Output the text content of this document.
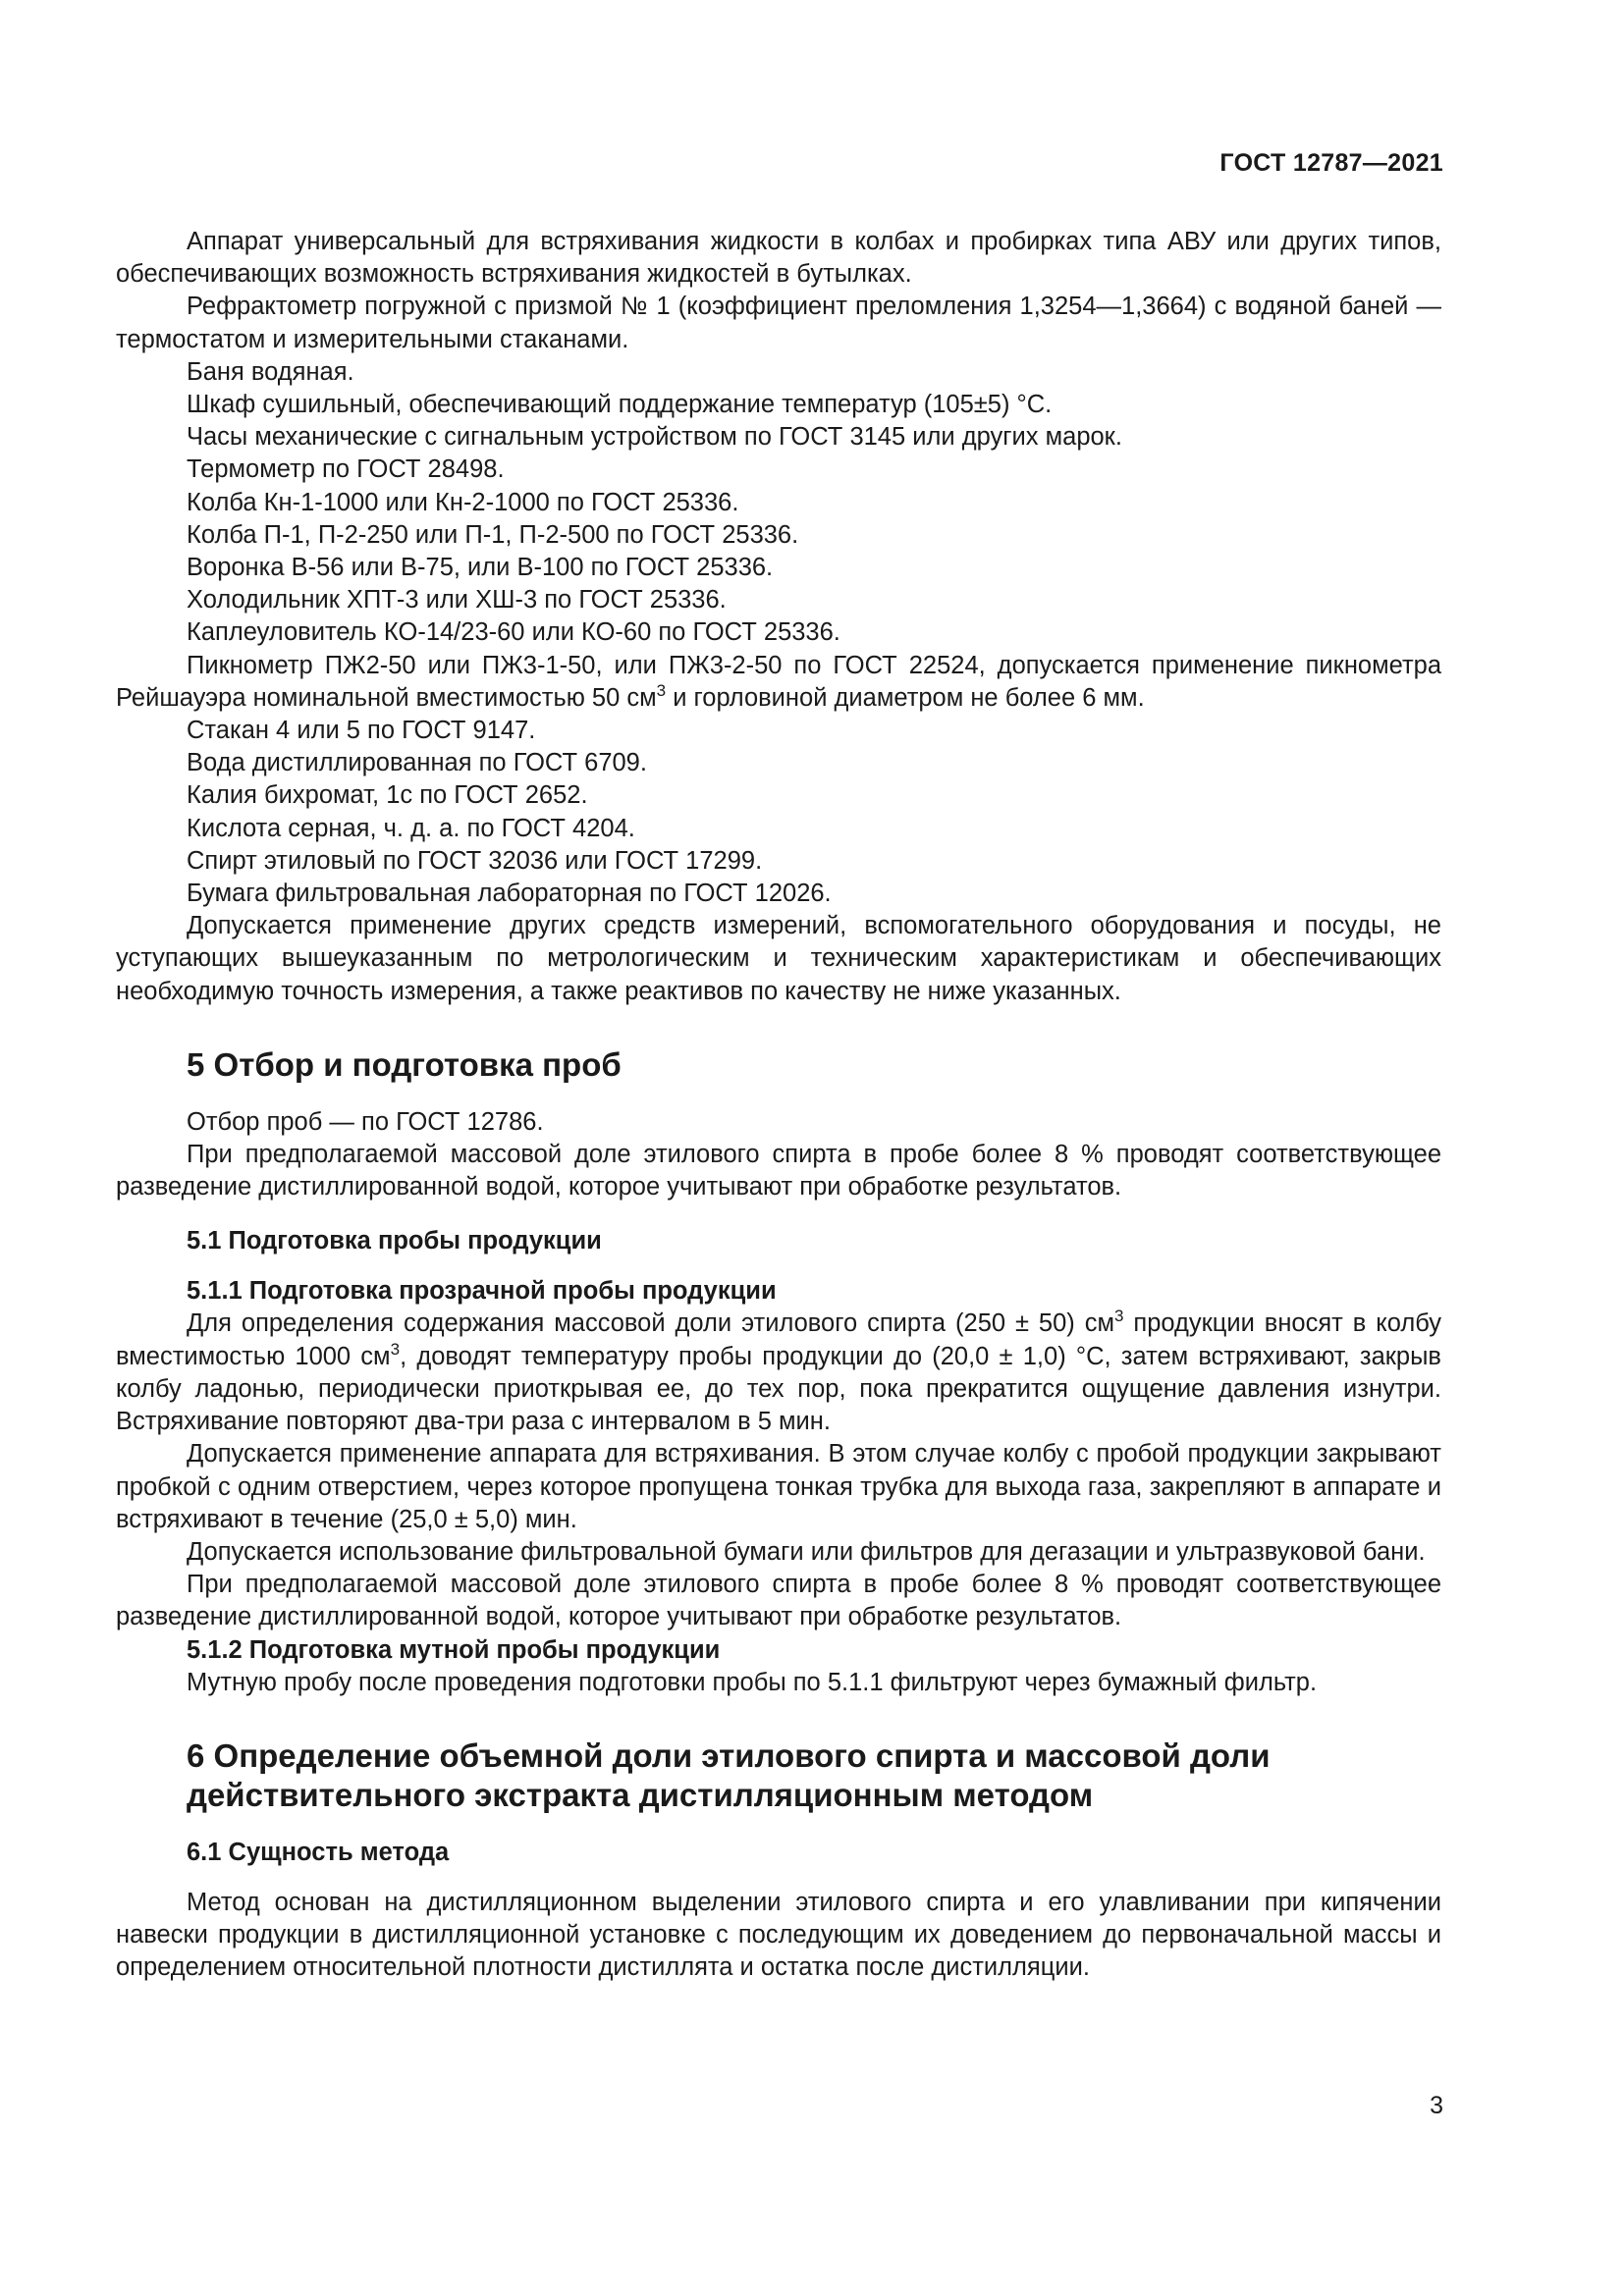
ГОСТ 12787—2021

Аппарат универсальный для встряхивания жидкости в колбах и пробирках типа АВУ или других типов, обеспечивающих возможность встряхивания жидкостей в бутылках.

Рефрактометр погружной с призмой № 1 (коэффициент преломления 1,3254—1,3664) с водяной баней — термостатом и измерительными стаканами.

Баня водяная.

Шкаф сушильный, обеспечивающий поддержание температур (105±5) °С.

Часы механические с сигнальным устройством по ГОСТ 3145 или других марок.

Термометр по ГОСТ 28498.

Колба Кн-1-1000 или Кн-2-1000 по ГОСТ 25336.

Колба П-1, П-2-250 или П-1, П-2-500 по ГОСТ 25336.

Воронка В-56 или В-75, или В-100 по ГОСТ 25336.

Холодильник ХПТ-3 или ХШ-3 по ГОСТ 25336.

Каплеуловитель КО-14/23-60 или КО-60 по ГОСТ 25336.

Пикнометр ПЖ2-50 или ПЖ3-1-50, или ПЖ3-2-50 по ГОСТ 22524, допускается применение пикнометра Рейшауэра номинальной вместимостью 50 $см^3$ и горловиной диаметром не более 6 мм.

Стакан 4 или 5 по ГОСТ 9147.

Вода дистиллированная по ГОСТ 6709.

Калия бихромат, 1с по ГОСТ 2652.

Кислота серная, ч. д. а. по ГОСТ 4204.

Спирт этиловый по ГОСТ 32036 или ГОСТ 17299.

Бумага фильтровальная лабораторная по ГОСТ 12026.

Допускается применение других средств измерений, вспомогательного оборудования и посуды, не уступающих вышеуказанным по метрологическим и техническим характеристикам и обеспечивающих необходимую точность измерения, а также реактивов по качеству не ниже указанных.

5 Отбор и подготовка проб

Отбор проб — по ГОСТ 12786.

При предполагаемой массовой доле этилового спирта в пробе более 8 % проводят соответствующее разведение дистиллированной водой, которое учитывают при обработке результатов.

5.1 Подготовка пробы продукции
5.1.1 Подготовка прозрачной пробы продукции

Для определения содержания массовой доли этилового спирта (250 ± 50) $см^3$ продукции вносят в колбу вместимостью 1000 $см^3$, доводят температуру пробы продукции до (20,0 ± 1,0) °С, затем встряхивают, закрыв колбу ладонью, периодически приоткрывая ее, до тех пор, пока прекратится ощущение давления изнутри. Встряхивание повторяют два-три раза с интервалом в 5 мин.

Допускается применение аппарата для встряхивания. В этом случае колбу с пробой продукции закрывают пробкой с одним отверстием, через которое пропущена тонкая трубка для выхода газа, закрепляют в аппарате и встряхивают в течение (25,0 ± 5,0) мин.

Допускается использование фильтровальной бумаги или фильтров для дегазации и ультразвуковой бани.

При предполагаемой массовой доле этилового спирта в пробе более 8 % проводят соответствующее разведение дистиллированной водой, которое учитывают при обработке результатов.

5.1.2 Подготовка мутной пробы продукции

Мутную пробу после проведения подготовки пробы по 5.1.1 фильтруют через бумажный фильтр.

6 Определение объемной доли этилового спирта и массовой доли
действительного экстракта дистилляционным методом
6.1 Сущность метода

Метод основан на дистилляционном выделении этилового спирта и его улавливании при кипячении навески продукции в дистилляционной установке с последующим их доведением до первоначальной массы и определением относительной плотности дистиллята и остатка после дистилляции.

3
